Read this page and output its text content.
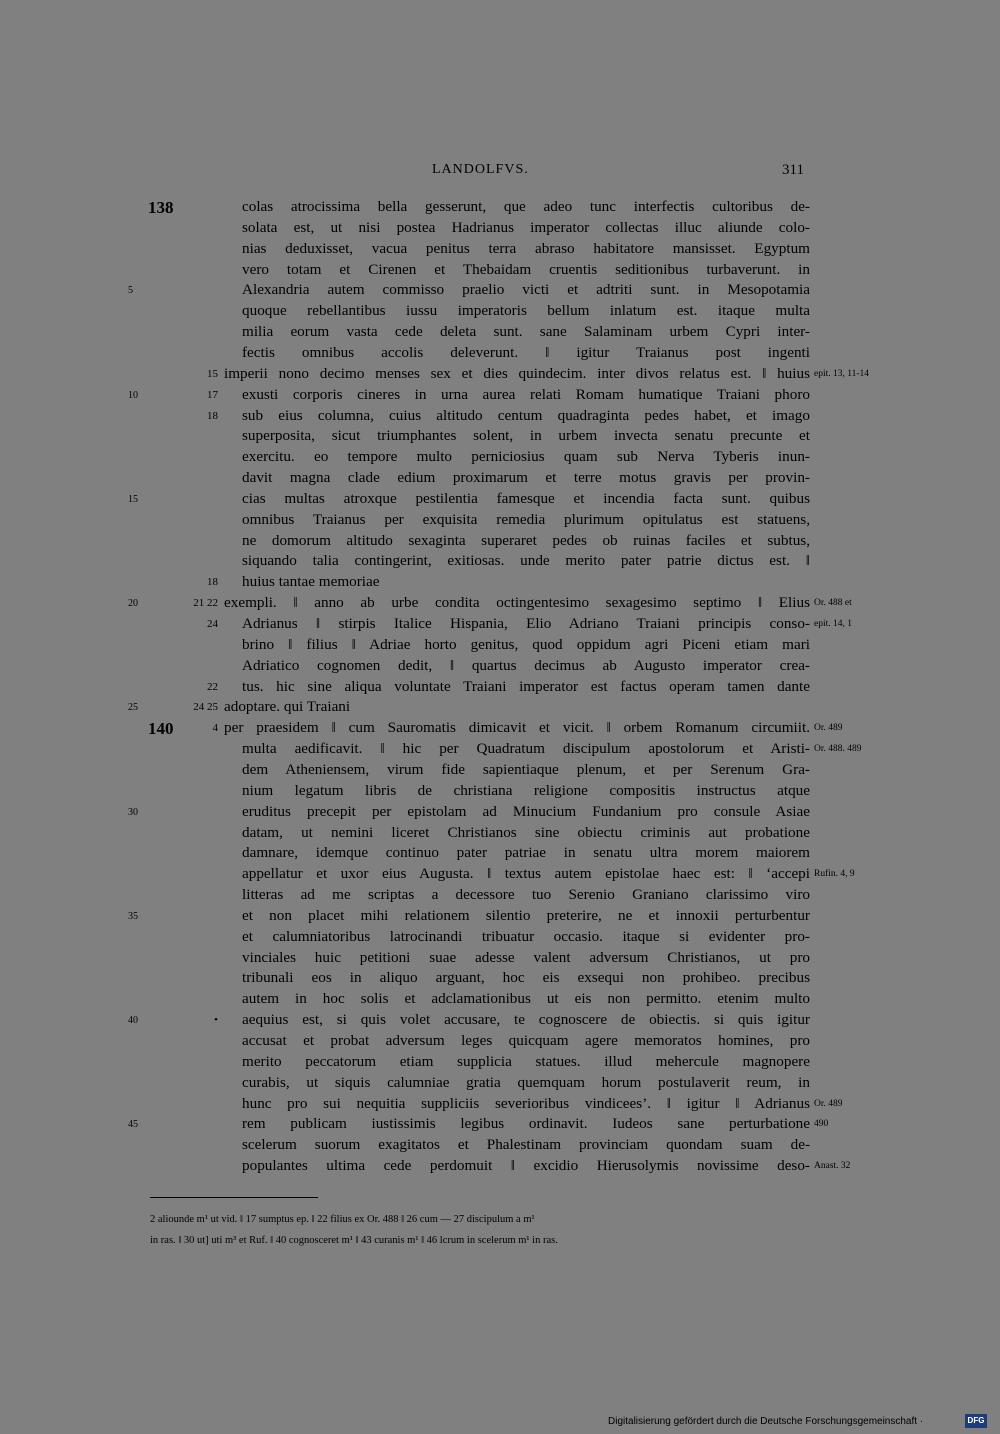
LANDOLFVS.	311
138	colas atrocissima bella gesserunt, que adeo tunc interfectis cultoribus de-
solata est, ut nisi postea Hadrianus imperator collectas illuc aliunde colo-
nias deduxisset, vacua penitus terra abraso habitatore mansisset. Egyptum
vero totam et Cirenen et Thebaidam cruentis seditionibus turbaverunt. in
5	Alexandria autem commisso praelio victi et adtriti sunt. in Mesopotamia
quoque rebellantibus iussu imperatoris bellum inlatum est. itaque multa
milia eorum vasta cede deleta sunt. sane Salaminam urbem Cypri inter-
fectis omnibus accolis deleverunt. ‖ igitur Traianus post ingenti
15 imperii nono decimo menses sex et dies quindecim. inter divos relatus est. ‖ huius epit. 13, 11-14
10	17 exusti corporis cineres in urna aurea relati Romam humatique Traiani phoro
18 sub eius columna, cuius altitudo centum quadraginta pedes habet, et imago
superposita, sicut triumphantes solent, in urbem invecta senatu precunte et
exercitu. eo tempore multo perniciosius quam sub Nerva Tyberis inun-
davit magna clade edium proximarum et terre motus gravis per provin-
15	cias multas atroxque pestilentia famesque et incendia facta sunt. quibus
omnibus Traianus per exquisita remedia plurimum opitulatus est statuens,
ne domorum altitudo sexaginta superaret pedes ob ruinas faciles et subtus,
siquando talia contingerint, exitiosas. unde merito pater patrie dictus est. ‖
18 huius tantae memoriae
20	21 22 exempli. ‖ anno ab urbe condita octingentesimo sexagesimo septimo ‖ Elius Or. 488 et
24 Adrianus ‖ stirpis Italice Hispania, Elio Adriano Traiani principis conso- epit. 14, 1
brino ‖ filius ‖ Adriae horto genitus, quod oppidum agri Piceni etiam mari
Adriatico cognomen dedit, ‖ quartus decimus ab Augusto imperator crea-
22 tus. hic sine aliqua voluntate Traiani imperator est factus operam tamen dante
25	24 25 adoptare. qui Traiani
140	4 per praesidem ‖ cum Sauromatis dimicavit et vicit. ‖ orbem Romanum circumiit. Or. 489
multa aedificavit. ‖ hic per Quadratum discipulum apostolorum et Aristi- Or. 488. 489
dem Atheniensem, virum fide sapientiaque plenum, et per Serenum Gra-
nium legatum libris de christiana religione compositis instructus atque
30	eruditus precepit per epistolam ad Minucium Fundanium pro consule Asiae
datam, ut nemini liceret Christianos sine obiectu criminis aut probatione
damnare, idemque continuo pater patriae in senatu ultra morem maiorem
appellatur et uxor eius Augusta. ‖ textus autem epistolae haec est: ‖ ‘accepi Rufin. 4, 9
litteras ad me scriptas a decessore tuo Serenio Graniano clarissimo viro
35	et non placet mihi relationem silentio preterire, ne et innoxii perturbentur
et calumniatoribus latrocinandi tribuatur occasio. itaque si evidenter pro-
vinciales huic petitioni suae adesse valent adversum Christianos, ut pro
tribunali eos in aliquo arguant, hoc eis exsequi non prohibeo. precibus
autem in hoc solis et adclamationibus ut eis non permitto. etenim multo
40	• aequius est, si quis volet accusare, te cognoscere de obiectis. si quis igitur
accusat et probat adversum leges quicquam agere memoratos homines, pro
merito peccatorum etiam supplicia statues. illud mehercule magnopere
curabis, ut siquis calumniae gratia quemquam horum postulaverit reum, in
hunc pro sui nequitia suppliciis severioribus vindicees’. ‖ igitur ‖ Adrianus Or. 489
45	rem publicam iustissimis legibus ordinavit. Iudeos sane perturbatione 490
scelerum suorum exagitatos et Phalestinam provinciam quondam suam de-
populantes ultima cede perdomuit ‖ excidio Hierusolymis novissime deso- Anast. 32
2 aliounde m¹ ut vid. ‖ 17 sumptus ep. ‖ 22 filius ex Or. 488 ‖ 26 cum — 27 discipulum a m¹
in ras. ‖ 30 ut] uti m³ et Ruf. ‖ 40 cognosceret m¹ ‖ 43 curanis m¹ ‖ 46 lcrum in scelerum m¹ in ras.
Digitalisierung gefördert durch die Deutsche Forschungsgemeinschaft ·	DFG
